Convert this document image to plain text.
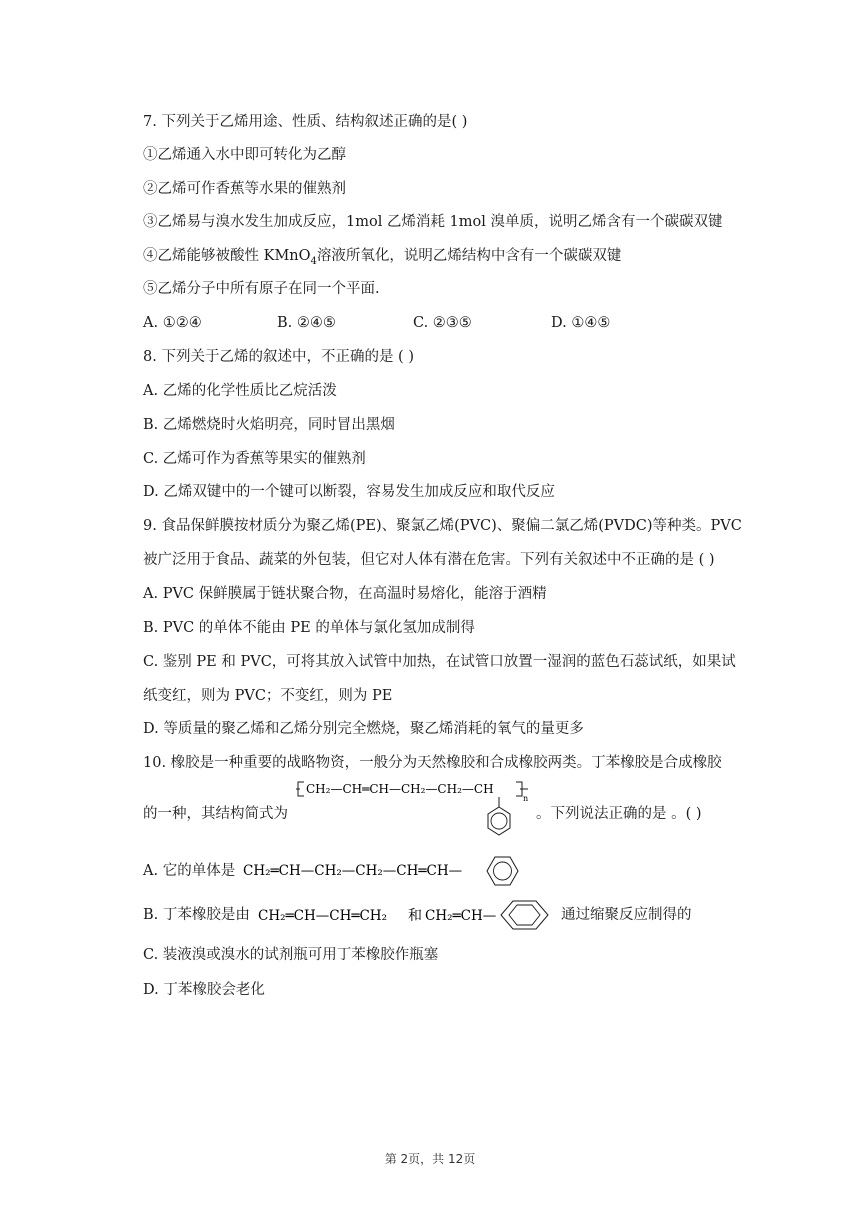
7. 下列关于乙烯用途、性质、结构叙述正确的是( )
①乙烯通入水中即可转化为乙醇
②乙烯可作香蕉等水果的催熟剂
③乙烯易与溴水发生加成反应，1mol 乙烯消耗 1mol 溴单质，说明乙烯含有一个碳碳双键
④乙烯能够被酸性 KMnO$_4$溶液所氧化，说明乙烯结构中含有一个碳碳双键
⑤乙烯分子中所有原子在同一个平面.
A. ①②④	B. ②④⑤	C. ②③⑤	D. ①④⑤
8. 下列关于乙烯的叙述中，不正确的是 ( )
A. 乙烯的化学性质比乙烷活泼
B. 乙烯燃烧时火焰明亮，同时冒出黑烟
C. 乙烯可作为香蕉等果实的催熟剂
D. 乙烯双键中的一个键可以断裂，容易发生加成反应和取代反应
9. 食品保鲜膜按材质分为聚乙烯(PE)、聚氯乙烯(PVC)、聚偏二氯乙烯(PVDC)等种类。PVC
被广泛用于食品、蔬菜的外包装，但它对人体有潜在危害。下列有关叙述中不正确的是 ( )
A. PVC 保鲜膜属于链状聚合物，在高温时易熔化，能溶于酒精
B. PVC 的单体不能由 PE 的单体与氯化氢加成制得
C. 鉴别 PE 和 PVC，可将其放入试管中加热，在试管口放置一湿润的蓝色石蕊试纸，如果试
纸变红，则为 PVC；不变红，则为 PE
D. 等质量的聚乙烯和乙烯分别完全燃烧，聚乙烯消耗的氧气的量更多
10. 橡胶是一种重要的战略物资，一般分为天然橡胶和合成橡胶两类。丁苯橡胶是合成橡胶
CH₂—CH═CH—CH₂—CH₂—CH
n
的一种，其结构简式为	。下列说法正确的是 。( )
A. 它的单体是 CH₂═CH—CH₂—CH₂—CH═CH—
B. 丁苯橡胶是由 CH₂═CH—CH═CH₂ 和 CH₂═CH—	通过缩聚反应制得的
C. 装液溴或溴水的试剂瓶可用丁苯橡胶作瓶塞
D. 丁苯橡胶会老化
第 2页，共 12页
